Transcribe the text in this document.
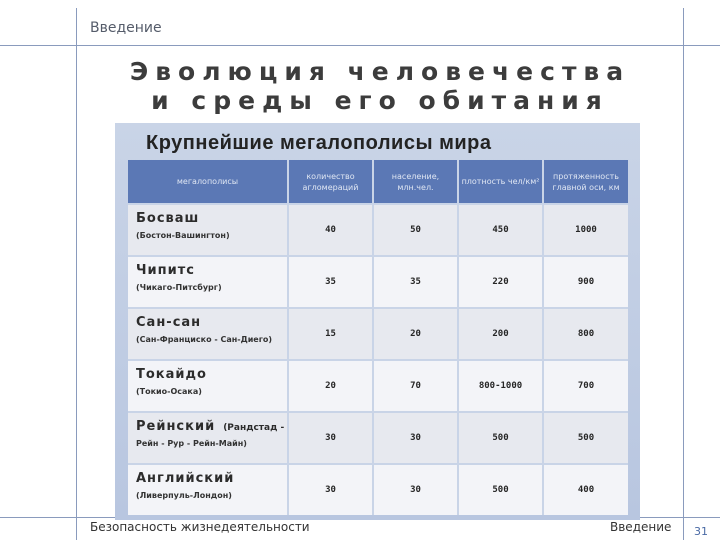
Введение
Эволюция человечества
и среды его обитания
Крупнейшие мегалополисы мира
мегалополисы	количество агломераций	население, млн.чел.	плотность чел/км²	протяженность главной оси, км

Босваш
(Бостон-Вашингтон)	40	50	450	1000

Чипитс
(Чикаго-Питсбург)	35	35	220	900

Сан-сан
(Сан-Франциско - Сан-Диего)	15	20	200	800

Токайдо
(Токио-Осака)	20	70	800-1000	700

Рейнский (Рандстад -
Рейн - Рур - Рейн-Майн)	30	30	500	500

Английский
(Ливерпуль-Лондон)	30	30	500	400
Безопасность жизнедеятельности	Введение 31
